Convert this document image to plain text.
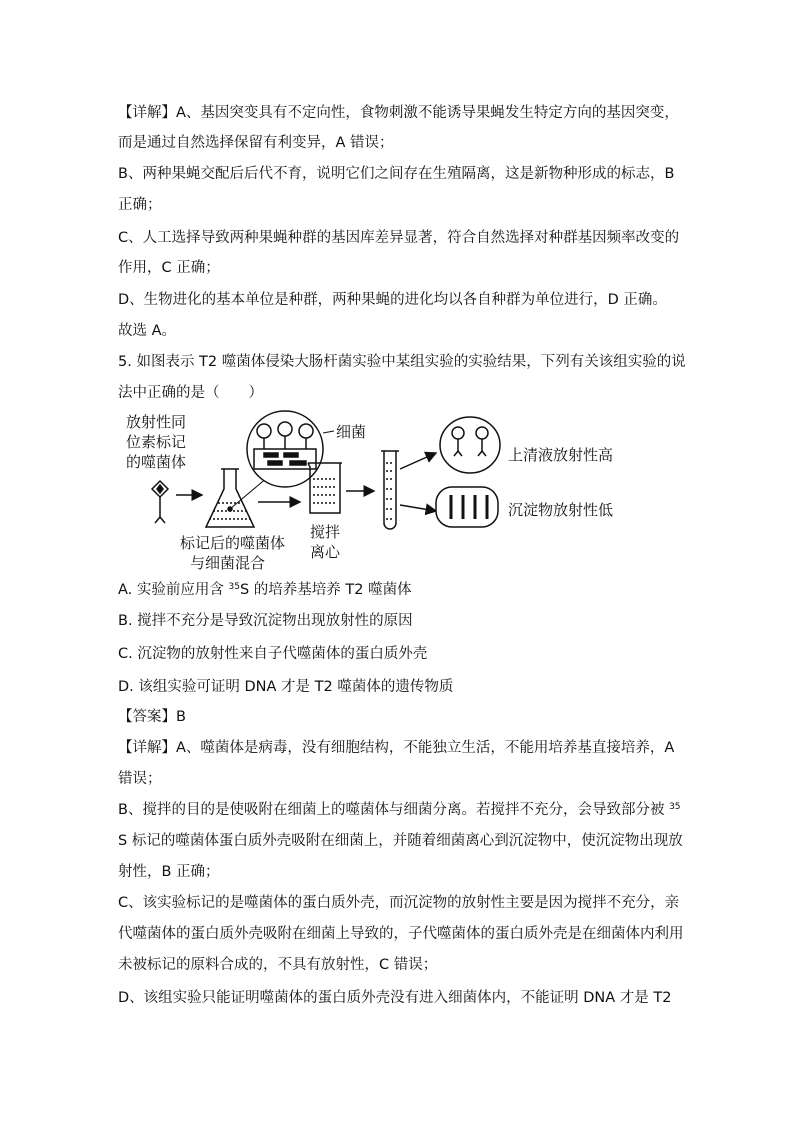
【详解】A、基因突变具有不定向性，食物刺激不能诱导果蝇发生特定方向的基因突变，
而是通过自然选择保留有利变异，A 错误；
B、两种果蝇交配后后代不育，说明它们之间存在生殖隔离，这是新物种形成的标志，B
正确；
C、人工选择导致两种果蝇种群的基因库差异显著，符合自然选择对种群基因频率改变的
作用，C 正确；
D、生物进化的基本单位是种群，两种果蝇的进化均以各自种群为单位进行，D 正确。
故选 A。
5. 如图表示 T2 噬菌体侵染大肠杆菌实验中某组实验的实验结果，下列有关该组实验的说
法中正确的是（　　）
放射性同
位素标记
的噬菌体
细菌
上清液放射性高
沉淀物放射性低
标记后的噬菌体
与细菌混合
搅拌
离心
A. 实验前应用含 $^{35}$S 的培养基培养 T2 噬菌体
B. 搅拌不充分是导致沉淀物出现放射性的原因
C. 沉淀物的放射性来自子代噬菌体的蛋白质外壳
D. 该组实验可证明 DNA 才是 T2 噬菌体的遗传物质
【答案】B
【详解】A、噬菌体是病毒，没有细胞结构，不能独立生活，不能用培养基直接培养，A
错误；
B、搅拌的目的是使吸附在细菌上的噬菌体与细菌分离。若搅拌不充分，会导致部分被 $^{35}$
S 标记的噬菌体蛋白质外壳吸附在细菌上，并随着细菌离心到沉淀物中，使沉淀物出现放
射性，B 正确；
C、该实验标记的是噬菌体的蛋白质外壳，而沉淀物的放射性主要是因为搅拌不充分，亲
代噬菌体的蛋白质外壳吸附在细菌上导致的，子代噬菌体的蛋白质外壳是在细菌体内利用
未被标记的原料合成的，不具有放射性，C 错误；
D、该组实验只能证明噬菌体的蛋白质外壳没有进入细菌体内，不能证明 DNA 才是 T2
